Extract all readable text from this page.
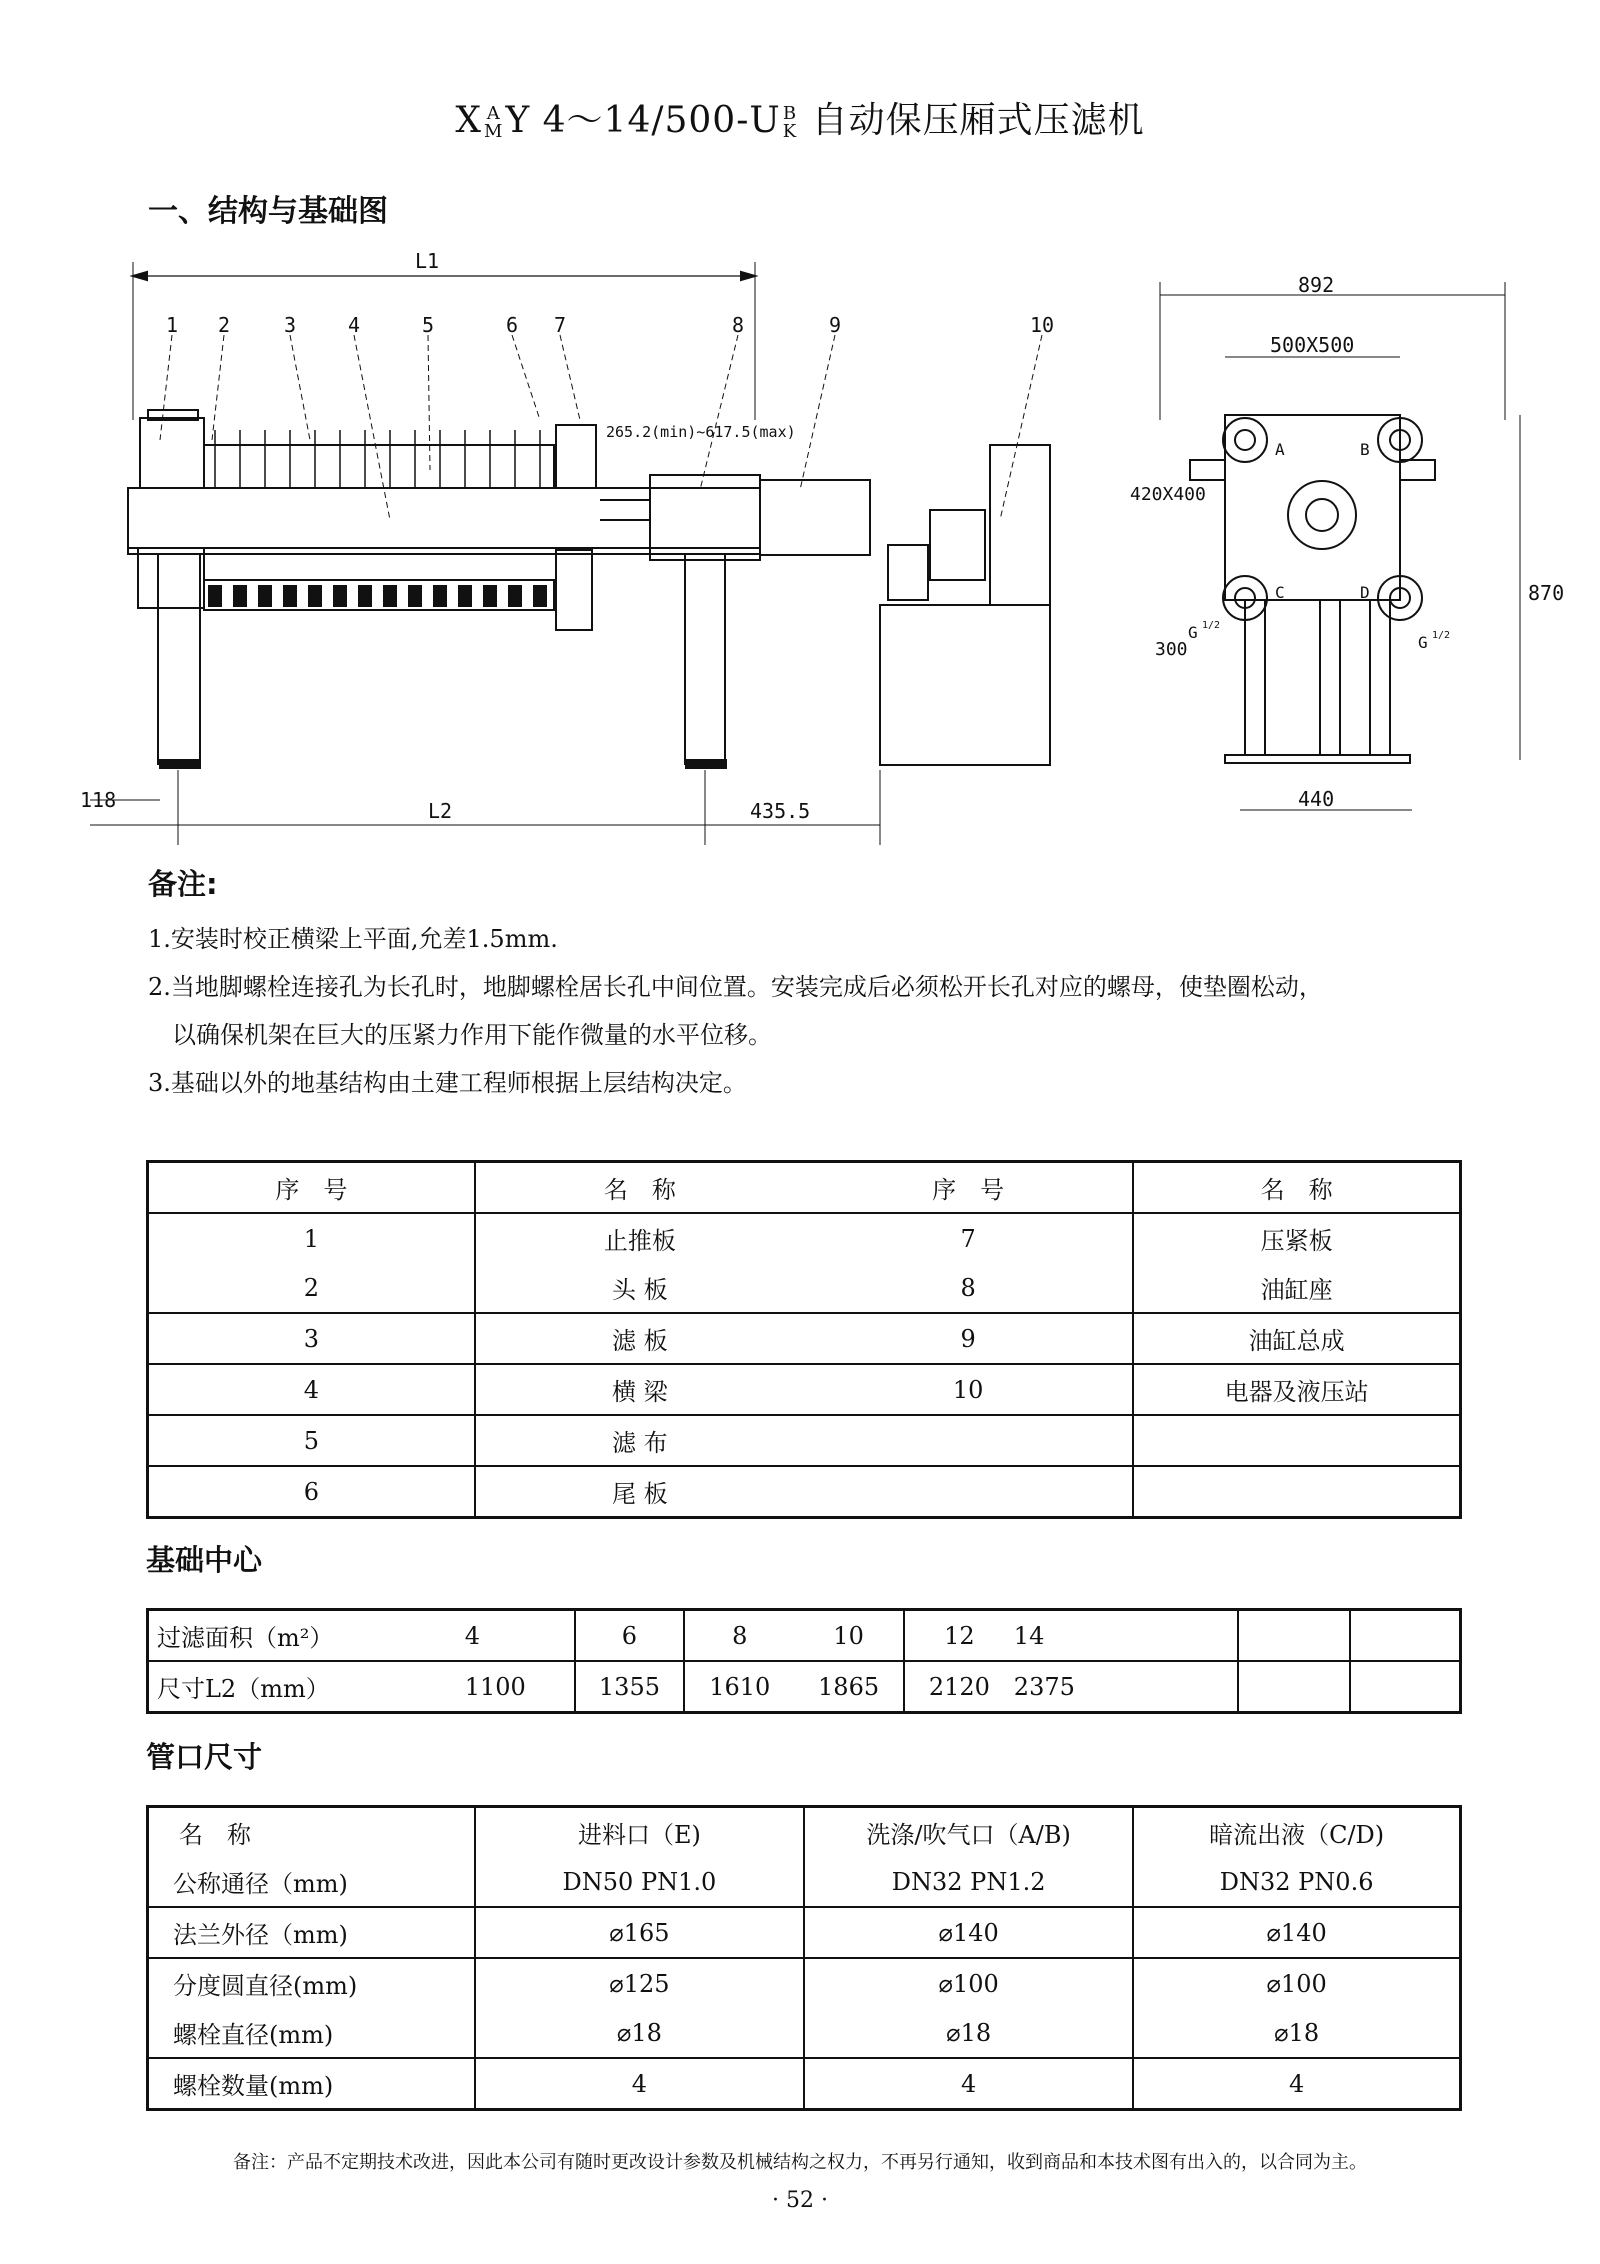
X A
MY 4～14/500-U B
K 自动保压厢式压滤机
一、结构与基础图
1 2	3	4	5	6 7	8	9	10
L1
265.2(min)~617.5(max)
118	L2	435.5
892
500X500
440
870
420X400
300
A	B
C	D
G 1/2
G 1/2
备注:
1.安装时校正横梁上平面,允差1.5mm.
2.当地脚螺栓连接孔为长孔时，地脚螺栓居长孔中间位置。安装完成后必须松开长孔对应的螺母，使垫圈松动，
以确保机架在巨大的压紧力作用下能作微量的水平位移。
3.基础以外的地基结构由土建工程师根据上层结构决定。
序　号	名　称	序　号	名　称
1	止推板	7	压紧板
2	头 板	8	油缸座
3	滤 板	9	油缸总成
4	横 梁	10	电器及液压站
5	滤 布		
6	尾 板		
基础中心
过滤面积（m²）	4	6	8	10	12	14		
尺寸L2（mm）	1100	1355	1610	1865	2120	2375		
管口尺寸
名　称	进料口（E)	洗涤/吹气口（A/B)	暗流出液（C/D)
公称通径（mm)	DN50 PN1.0	DN32 PN1.2	DN32 PN0.6
法兰外径（mm)	⌀165	⌀140	⌀140
分度圆直径(mm)	⌀125	⌀100	⌀100
螺栓直径(mm)	⌀18	⌀18	⌀18
螺栓数量(mm)	4	4	4
备注：产品不定期技术改进，因此本公司有随时更改设计参数及机械结构之权力，不再另行通知，收到商品和本技术图有出入的，以合同为主。
· 52 ·
